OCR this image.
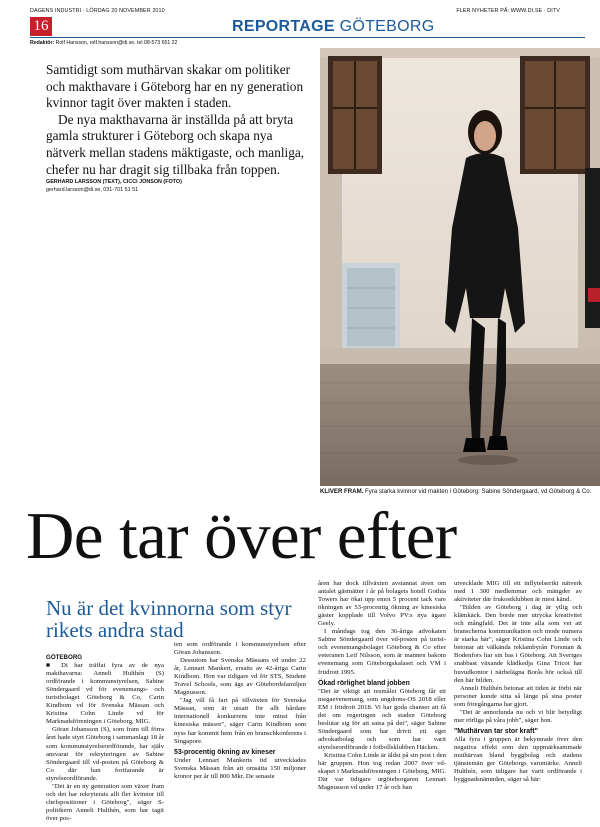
DAGENS INDUSTRI · LÖRDAG 20 NOVEMBER 2010	FLER NYHETER PÅ: WWW.DI.SE · DITV
16	REPORTAGE GÖTEBORG
Redaktör: Rolf Hansson, rolf.hansson@di.se, tel 08-573 651 22

Samtidigt som muthärvan skakar om politiker och makthavare i Göteborg har en ny generation kvinnor tagit över makten i staden.

De nya makthavarna är inställda på att bryta gamla strukturer i Göteborg och skapa nya nätverk mellan stadens mäktigaste, och manliga, chefer nu har dragit sig tillbaka från toppen.

GERHARD LARSSON (TEXT), CICCI JONSON (FOTO)
gerhard.larsson@di.se, 031-701 51 51
KLIVER FRAM. Fyra starka kvinnor vid makten i Göteborg: Sabine Söndergaard, vd Göteborg & Co.
De tar över efter
Nu är det kvinnorna som styr rikets andra stad
GÖTEBORG

■ Di har träffat fyra av de nya makthavarna: Anneli Hulthén (S) ordförande i kommunstyrelsen, Sabine Söndergaard vd för evenemangs- och turistbolaget Göteborg & Co, Carin Kindbom vd för Svenska Mässan och Kristina Cohn Linde vd för Marknadsföreningen i Göteborg, MIG.

Göran Johansson (S), som fram till förra året hade styrt Göteborg i sammanlagt 18 år som kommunstyrelseordförande, har själv ansvarat för rekryteringen av Sabine Söndergaard till vd-posten på Göteborg & Co där han fortfarande är styrelseordförande.

"Det är en ny generation som växer fram och det har rekryterats allt fler kvinnor till chefspositioner i Göteborg", säger S-politikern Anneli Hulthén, som har tagit över pos-

ten som ordförande i kommunstyrelsen efter Göran Johansson.

Dessutom har Svenska Mässans vd under 22 år, Lennart Mankert, ersatts av 42-åriga Carin Kindbom. Hon var tidigare vd för STS, Student Travel Schools, som ägs av Götebordsfamiljen Magnusson.

"Jag vill få fart på tillväxten för Svenska Mässan, som är utsatt för allt hårdare internationell konkurrens inte minst från kinesiska mässor", säger Carin Kindbom som nyss har kommit hem från en branschkonferens i Singapore.

53-procentig ökning av kineser

Under Lennart Mankerts tid utvecklades Svenska Mässan från att omsätta 150 miljoner kronor per år till 800 Mkr. De senaste

åren har dock tillväxten avstannat även om antalet gästnätter i år på bolagets hotell Gothia Towers har ökat upp emot 5 procent tack vare ökningen av 53-procentig ökning av kinesiska gäster kopplade till Volvo PV:s nya ägare Geely.

I måndags tog den 36-åriga advokaten Sabine Söndergaard över vd-posten på turist- och evenemangsbolaget Göteborg & Co efter veteranen Leif Nilsson, som är mannen bakom evenemang som Göteborgskalaset och VM i friidrott 1995.

Ökad rörlighet bland jobben

"Det är viktigt att resmålet Göteborg får ett megaevenemang, som ungdoms-OS 2018 eller EM i friidrott 2018. Vi har goda chanser att få det om regeringen och staden Göteborg beslutar sig för att satsa på det", säger Sabine Söndergaard som har drivit ett eget advokatbolag och som har varit styrelseordförande i fotbollsklubben Häcken.

Kristina Cohn Linde är äldst på sin post i den här gruppen. Hon tog redan 2007 över vd-skapet i Marknadsföreningen i Göteborg, MIG. Där var tidigare urgöteborgaren Lennart Magnusson vd under 17 år och han

utvecklade MIG till ett inflytelserikt nätverk med 1 300 medlemmar och mängder av aktiviteter där frukostklubben är mest känd.

"Bilden av Göteborg i dag är ytlig och klämkäck. Den borde mer utrycka kreativitet och mångfald. Det är inte alla som vet att branscherna kommunikation och mode numera är starka här", säger Kristina Cohn Linde och betonar att välkända reklambyrån Forsman & Bodenfors har sin bas i Göteborg. Att Sveriges snabbast växande klädkedja Gina Tricot har huvudkontor i närbelägna Borås hör också till den här bilden.

Anneli Hulthén betonar att tiden är förbi när personer kunde sitta så länge på sina poster som föregångarna har gjort.

"Det är annorlunda nu och vi blir betydligt mer rörliga på våra jobb", säger hon.

"Muthärvan tar stor kraft"

Alla fyra i gruppen är bekymrade över den negativa effekt som den uppmärksammade muthärvan bland byggbolag och stadens tjänstemän ger Göteborgs varumärke. Anneli Hulthén, som tidigare har varit ordförande i byggnadsnämnden, säger så här:
